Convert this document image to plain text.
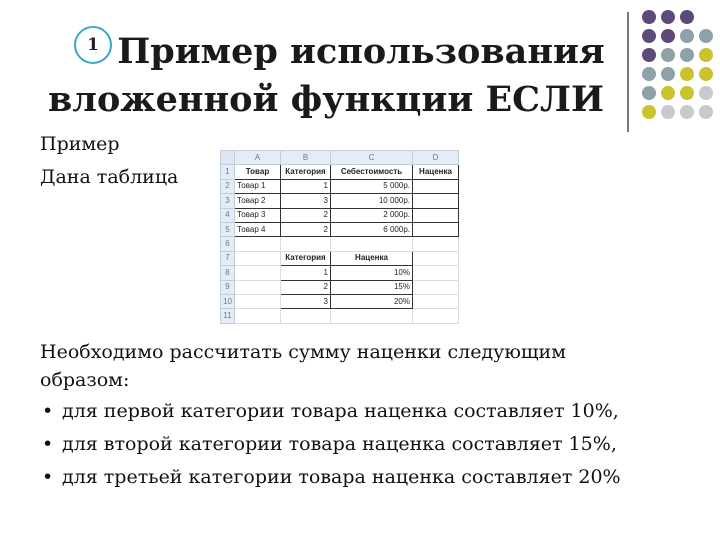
1 Пример использования
вложенной функции ЕСЛИ
Пример
Дана таблица
	A	B	C	D
1	Товар	Категория	Себестоимость	Наценка
2	Товар 1	1	5 000р.	
3	Товар 2	3	10 000р.	
4	Товар 3	2	2 000р.	
5	Товар 4	2	6 000р.	
6				
7		Категория	Наценка	
8		1	10%	
9		2	15%	
10		3	20%	
11				
Необходимо рассчитать сумму наценки следующим
образом:
• для первой категории товара наценка составляет 10%,
• для второй категории товара наценка составляет 15%,
• для третьей категории товара наценка составляет 20%
